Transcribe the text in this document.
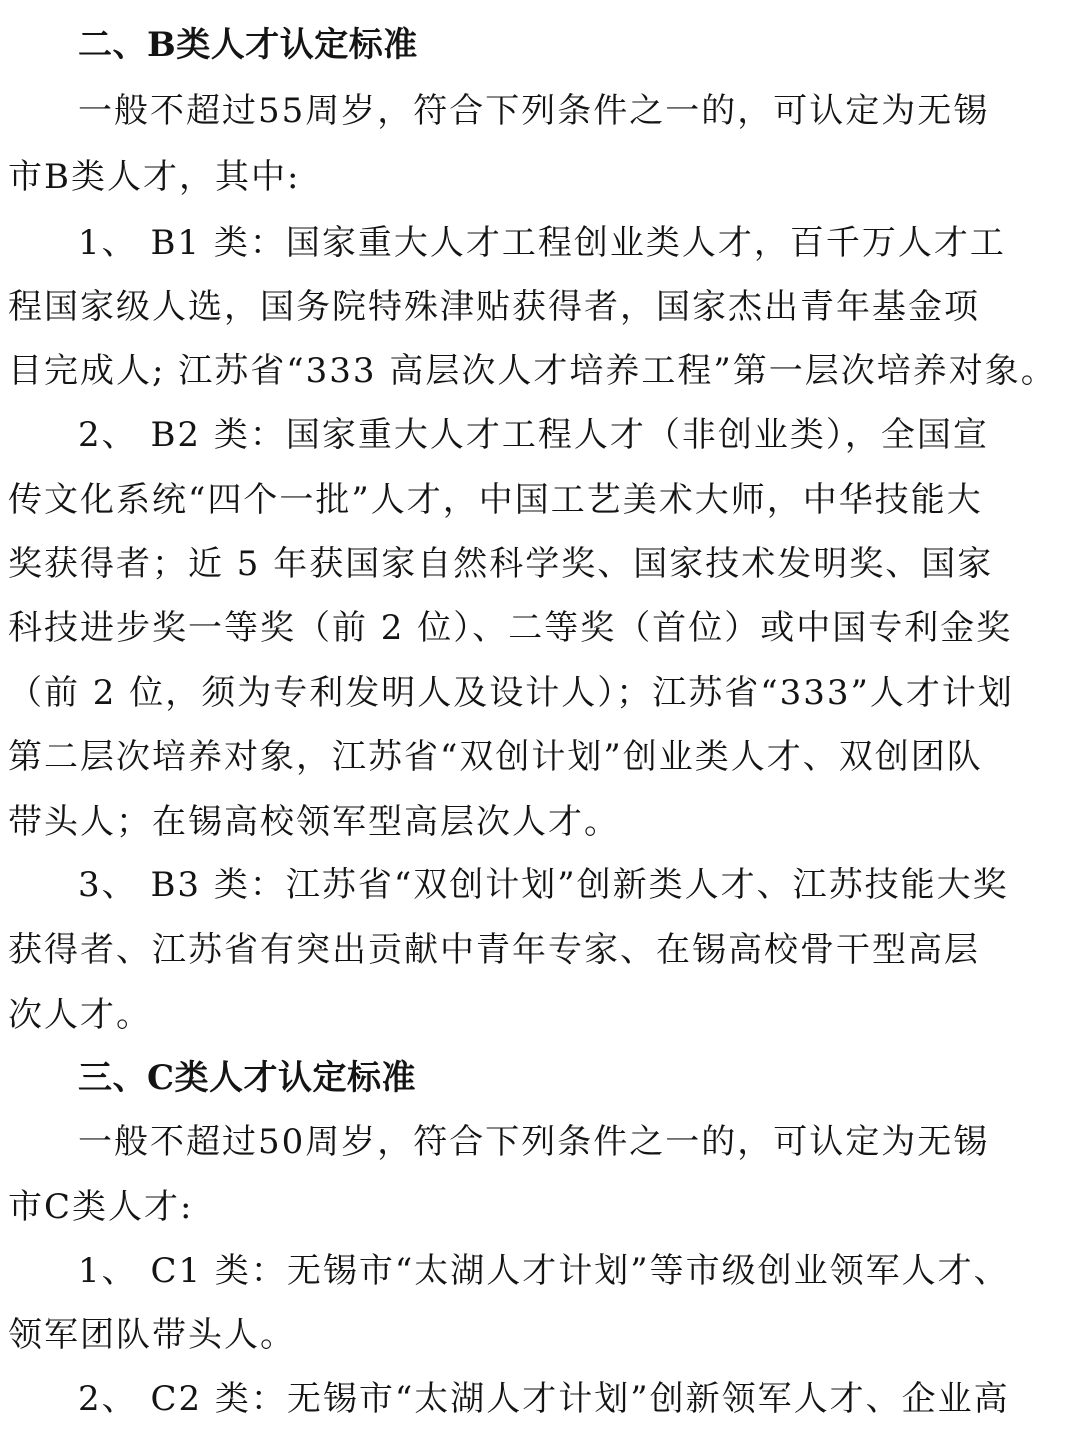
二、B类人才认定标准
一般不超过55周岁，符合下列条件之一的，可认定为无锡
市B类人才，其中:
1、 B1 类：国家重大人才工程创业类人才，百千万人才工
程国家级人选，国务院特殊津贴获得者，国家杰出青年基金项
目完成人; 江苏省“333 高层次人才培养工程”第一层次培养对象。
2、 B2 类：国家重大人才工程人才（非创业类），全国宣
传文化系统“四个一批”人才，中国工艺美术大师，中华技能大
奖获得者；近 5 年获国家自然科学奖、国家技术发明奖、国家
科技进步奖一等奖（前 2 位）、二等奖（首位）或中国专利金奖
（前 2 位，须为专利发明人及设计人）；江苏省“333”人才计划
第二层次培养对象，江苏省“双创计划”创业类人才、双创团队
带头人；在锡高校领军型高层次人才。
3、 B3 类：江苏省“双创计划”创新类人才、江苏技能大奖
获得者、江苏省有突出贡献中青年专家、在锡高校骨干型高层
次人才。
三、C类人才认定标准
一般不超过50周岁，符合下列条件之一的，可认定为无锡
市C类人才:
1、 C1 类：无锡市“太湖人才计划”等市级创业领军人才、
领军团队带头人。
2、 C2 类：无锡市“太湖人才计划”创新领军人才、企业高
